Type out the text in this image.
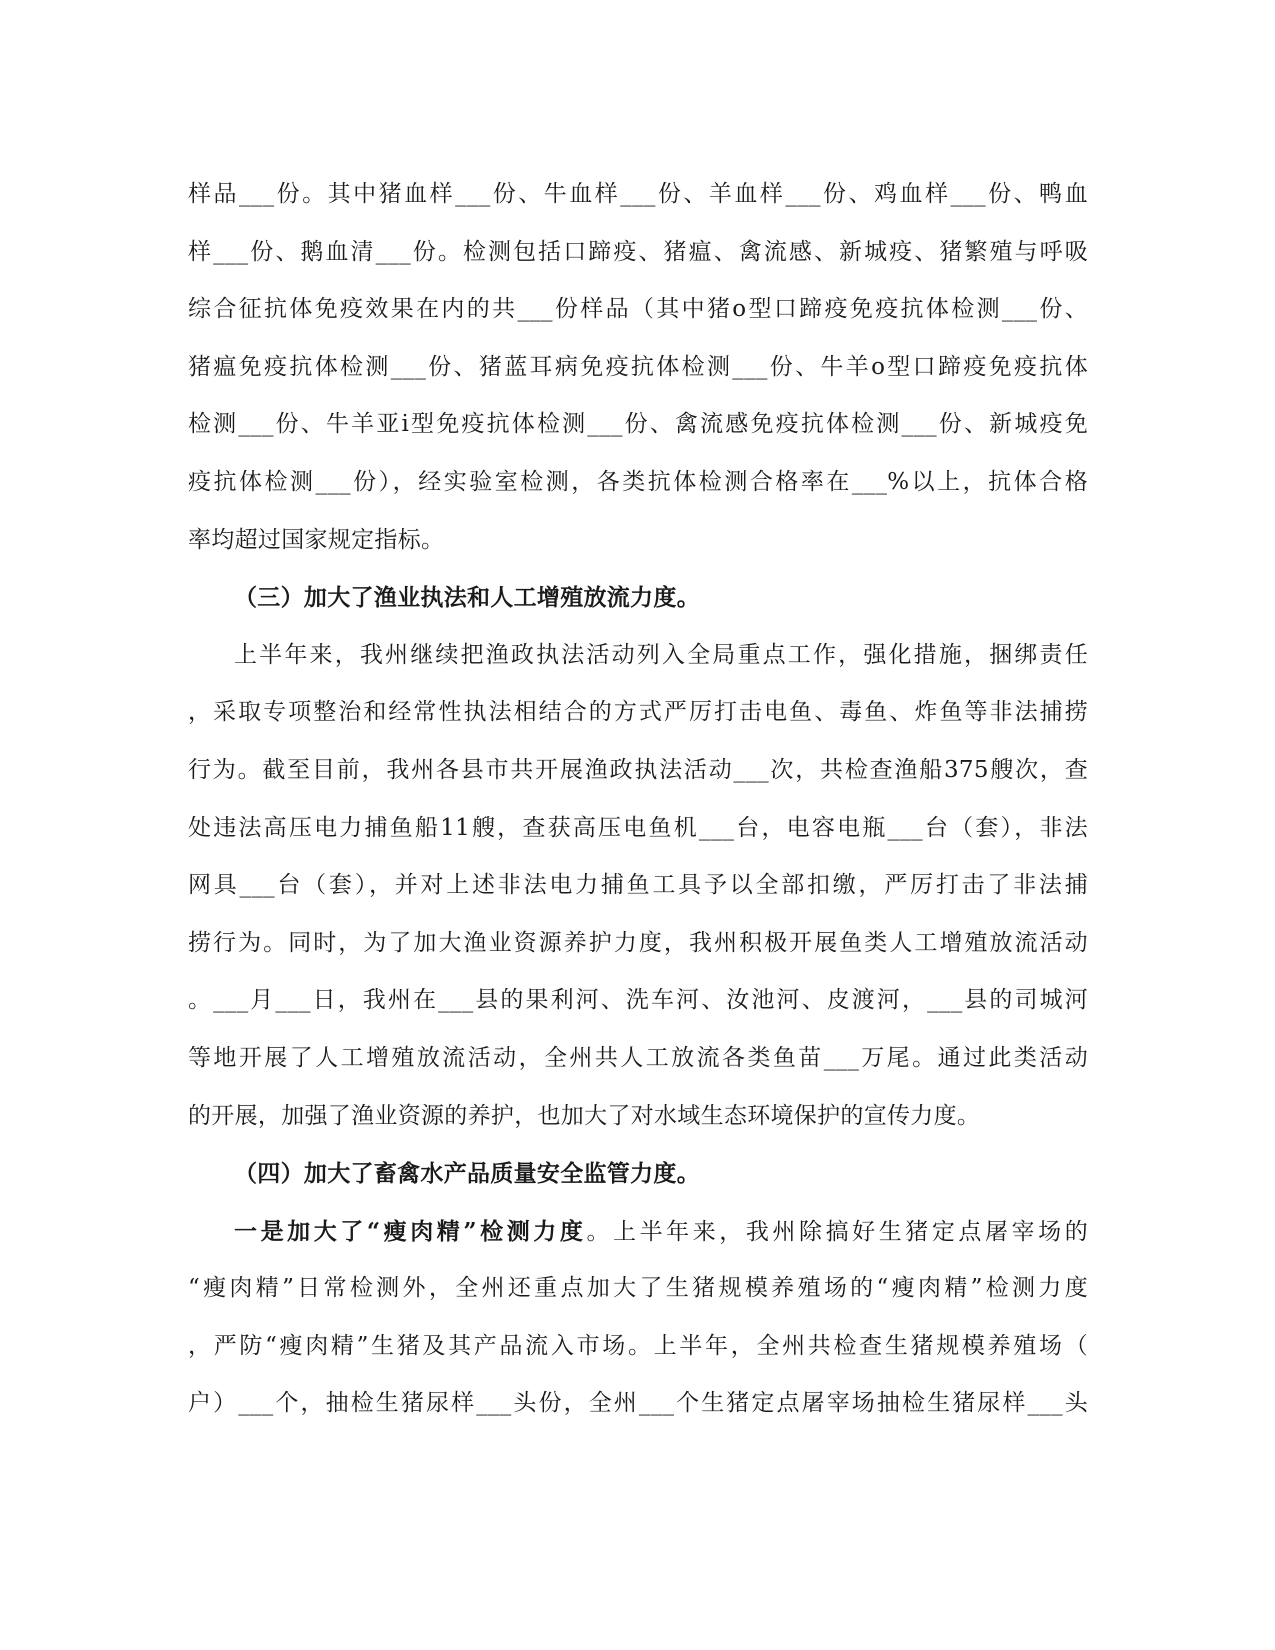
样品___份。其中猪血样___份、牛血样___份、羊血样___份、鸡血样___份、鸭血
样___份、鹅血清___份。检测包括口蹄疫、猪瘟、禽流感、新城疫、猪繁殖与呼吸
综合征抗体免疫效果在内的共___份样品（其中猪o型口蹄疫免疫抗体检测___份、
猪瘟免疫抗体检测___份、猪蓝耳病免疫抗体检测___份、牛羊o型口蹄疫免疫抗体
检测___份、牛羊亚i型免疫抗体检测___份、禽流感免疫抗体检测___份、新城疫免
疫抗体检测___份），经实验室检测，各类抗体检测合格率在___%以上，抗体合格
率均超过国家规定指标。
（三）加大了渔业执法和人工增殖放流力度。
上半年来，我州继续把渔政执法活动列入全局重点工作，强化措施，捆绑责任
，采取专项整治和经常性执法相结合的方式严厉打击电鱼、毒鱼、炸鱼等非法捕捞
行为。截至目前，我州各县市共开展渔政执法活动___次，共检查渔船375艘次，查
处违法高压电力捕鱼船11艘，查获高压电鱼机___台，电容电瓶___台（套），非法
网具___台（套），并对上述非法电力捕鱼工具予以全部扣缴，严厉打击了非法捕
捞行为。同时，为了加大渔业资源养护力度，我州积极开展鱼类人工增殖放流活动
。___月___日，我州在___县的果利河、洗车河、汝池河、皮渡河，___县的司城河
等地开展了人工增殖放流活动，全州共人工放流各类鱼苗___万尾。通过此类活动
的开展，加强了渔业资源的养护，也加大了对水域生态环境保护的宣传力度。
（四）加大了畜禽水产品质量安全监管力度。
一是加大了“瘦肉精”检测力度。上半年来，我州除搞好生猪定点屠宰场的
“瘦肉精”日常检测外，全州还重点加大了生猪规模养殖场的“瘦肉精”检测力度
，严防“瘦肉精”生猪及其产品流入市场。上半年，全州共检查生猪规模养殖场（
户）___个，抽检生猪尿样___头份，全州___个生猪定点屠宰场抽检生猪尿样___头
